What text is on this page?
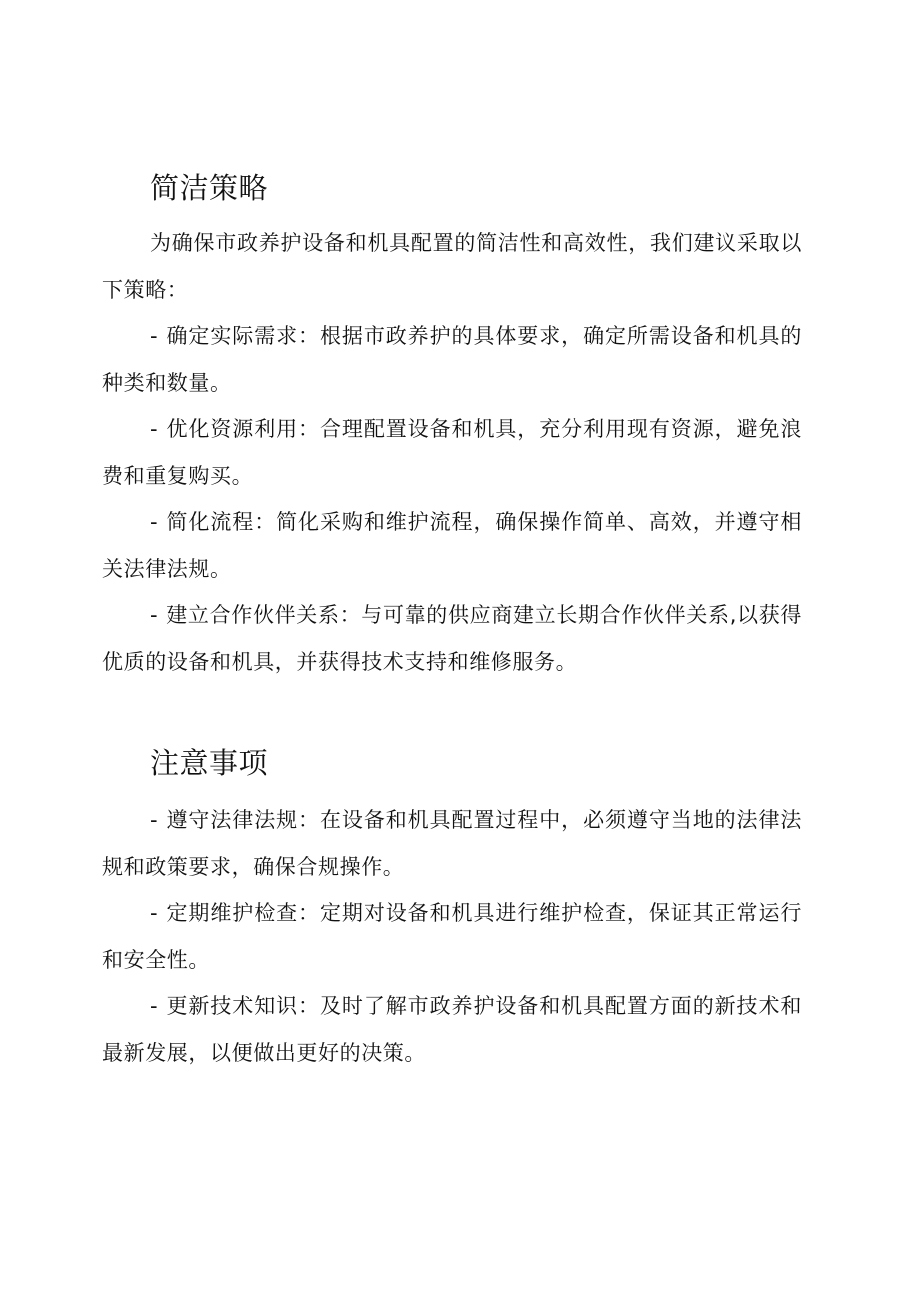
简洁策略

为确保市政养护设备和机具配置的简洁性和高效性，我们建议采取以下策略：

- 确定实际需求：根据市政养护的具体要求，确定所需设备和机具的种类和数量。
- 优化资源利用：合理配置设备和机具，充分利用现有资源，避免浪费和重复购买。
- 简化流程：简化采购和维护流程，确保操作简单、高效，并遵守相关法律法规。
- 建立合作伙伴关系：与可靠的供应商建立长期合作伙伴关系,以获得优质的设备和机具，并获得技术支持和维修服务。
注意事项
- 遵守法律法规：在设备和机具配置过程中，必须遵守当地的法律法规和政策要求，确保合规操作。
- 定期维护检查：定期对设备和机具进行维护检查，保证其正常运行和安全性。
- 更新技术知识：及时了解市政养护设备和机具配置方面的新技术和最新发展，以便做出更好的决策。
